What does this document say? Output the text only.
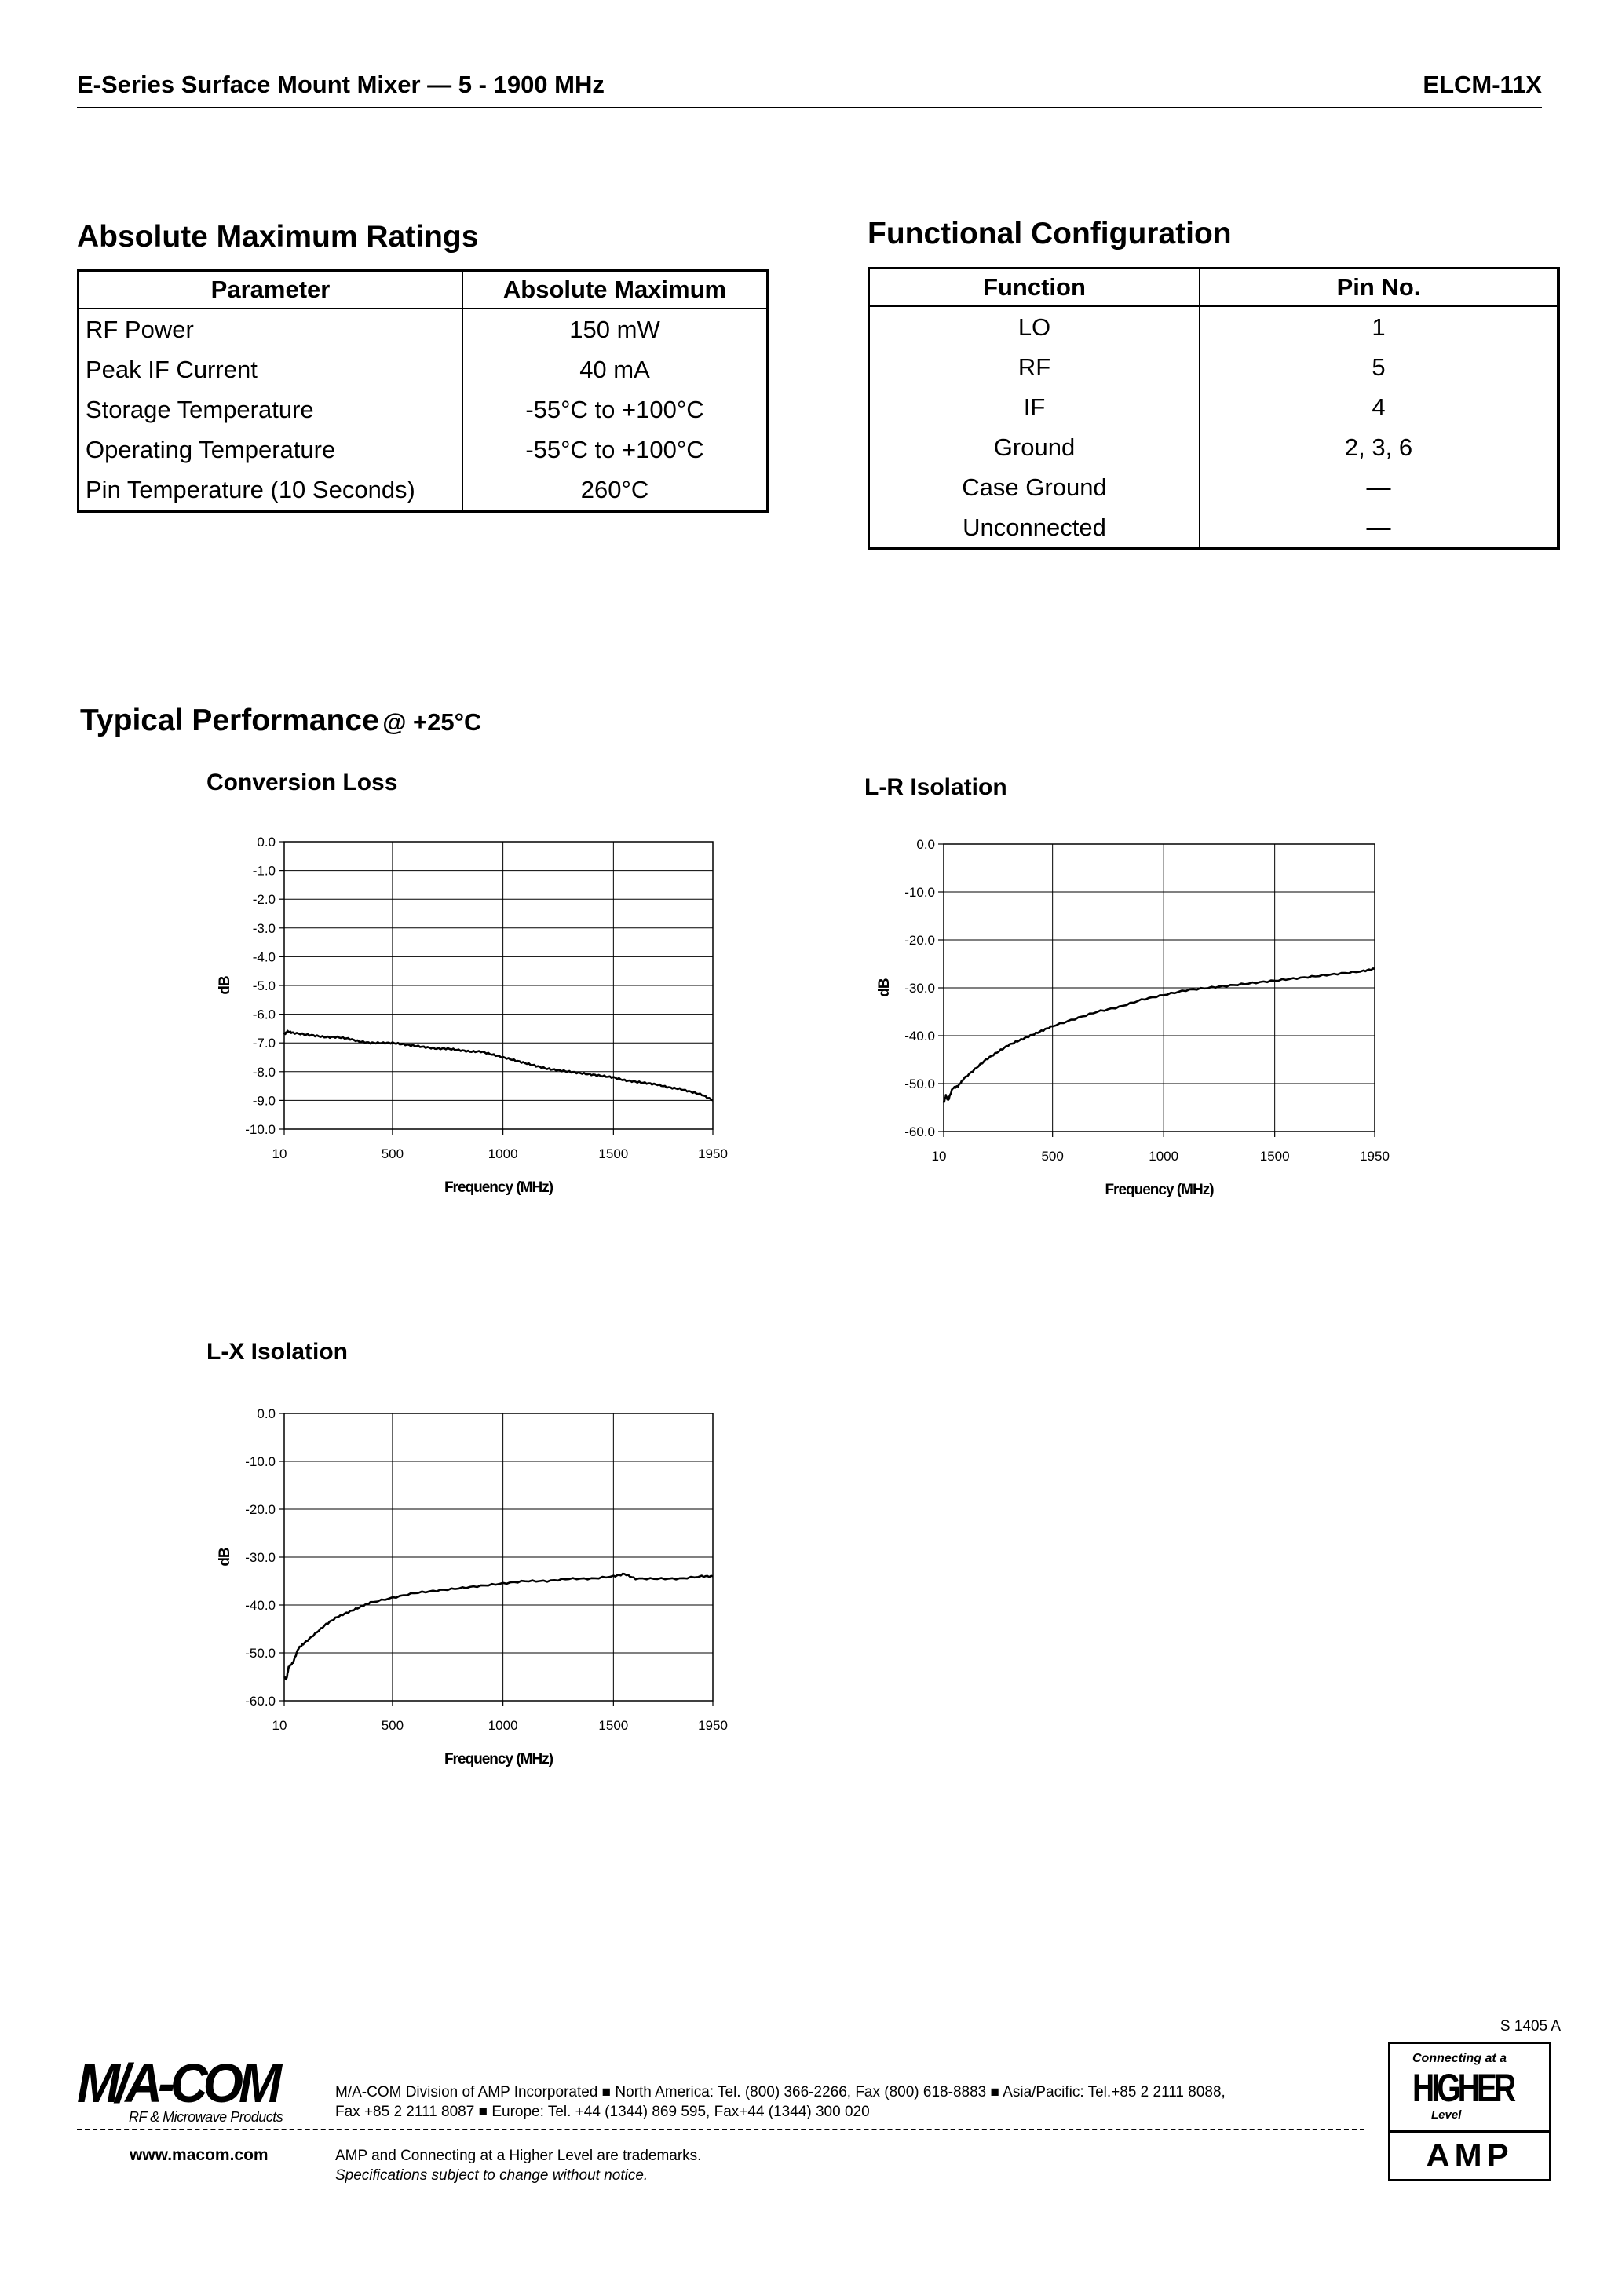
E-Series Surface Mount Mixer — 5 - 1900 MHz	ELCM-11X
Absolute Maximum Ratings
Parameter	Absolute Maximum
RF Power	150 mW
Peak IF Current	40 mA
Storage Temperature	-55°C to +100°C
Operating Temperature	-55°C to +100°C
Pin Temperature (10 Seconds)	260°C
Functional Configuration
Function	Pin No.
LO	1
RF	5
IF	4
Ground	2, 3, 6
Case Ground	—
Unconnected	—
Typical Performance @ +25°C
Conversion Loss	L-R Isolation
L-X Isolation
10	500	1000	1500	1950
0.0
-1.0
-2.0
-3.0
-4.0
-5.0
-6.0
-7.0
-8.0
-9.0
-10.0
Frequency (MHz)
dB
10	500	1000	1500	1950
0.0
-10.0
-20.0
-30.0
-40.0
-50.0
-60.0
Frequency (MHz)
dB
10	500	1000	1500	1950
0.0
-10.0
-20.0
-30.0
-40.0
-50.0
-60.0
Frequency (MHz)
dB
S 1405 A
M/A-COM
RF & Microwave Products
M/A-COM Division of AMP Incorporated ■ North America: Tel. (800) 366-2266, Fax (800) 618-8883 ■ Asia/Pacific: Tel.+85 2 2111 8088,
Fax +85 2 2111 8087 ■ Europe: Tel. +44 (1344) 869 595, Fax+44 (1344) 300 020
www.macom.com	AMP and Connecting at a Higher Level are trademarks.
Specifications subject to change without notice.
Connecting at a
HIGHER
Level
AMP
